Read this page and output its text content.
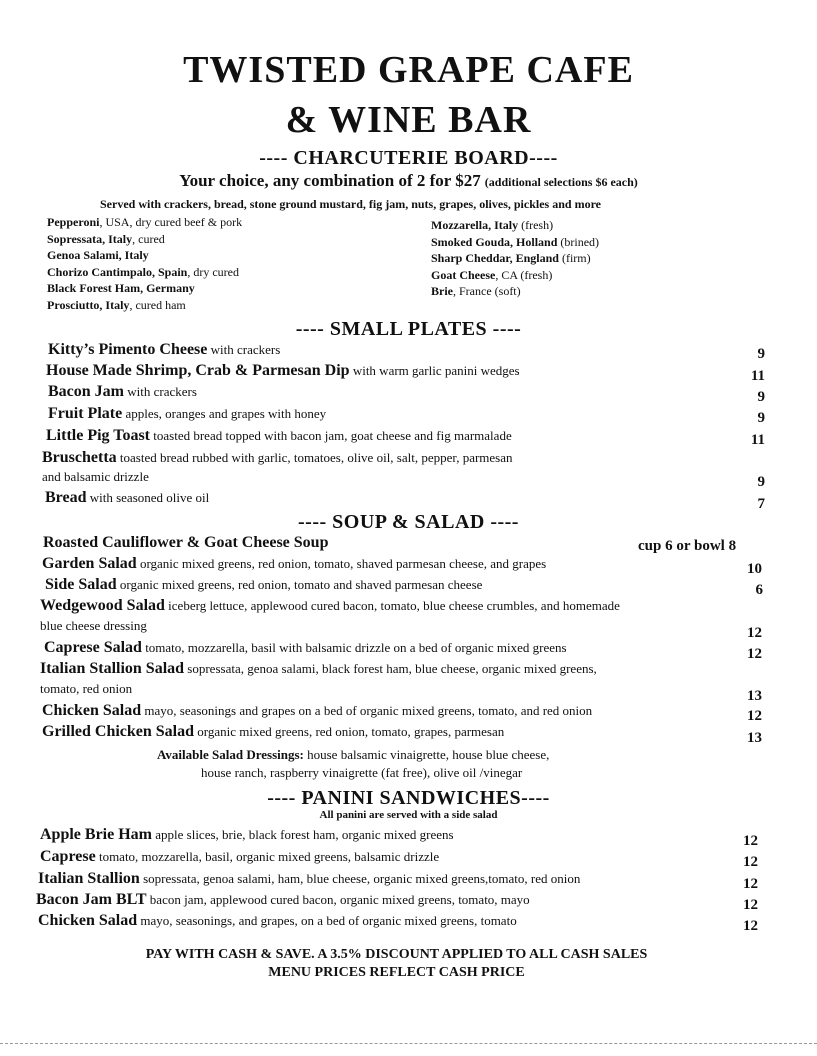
TWISTED GRAPE CAFE
& WINE BAR
---- CHARCUTERIE BOARD----
Your choice, any combination of 2 for $27 (additional selections $6 each)
Served with crackers, bread, stone ground mustard, fig jam, nuts, grapes, olives, pickles and more
Pepperoni, USA, dry cured beef & pork
Sopressata, Italy, cured
Genoa Salami, Italy
Chorizo Cantimpalo, Spain, dry cured
Black Forest Ham, Germany
Prosciutto, Italy, cured ham
Mozzarella, Italy (fresh)
Smoked Gouda, Holland (brined)
Sharp Cheddar, England (firm)
Goat Cheese, CA (fresh)
Brie, France (soft)
---- SMALL PLATES ----
Kitty’s Pimento Cheese with crackers	9
House Made Shrimp, Crab & Parmesan Dip with warm garlic panini wedges	11
Bacon Jam with crackers	9
Fruit Plate apples, oranges and grapes with honey	9
Little Pig Toast toasted bread topped with bacon jam, goat cheese and fig marmalade	11
Bruschetta toasted bread rubbed with garlic, tomatoes, olive oil, salt, pepper, parmesan
and balsamic drizzle	9
Bread with seasoned olive oil	7
---- SOUP & SALAD ----
Roasted Cauliflower & Goat Cheese Soup	cup 6 or bowl 8
Garden Salad organic mixed greens, red onion, tomato, shaved parmesan cheese, and grapes	10
Side Salad organic mixed greens, red onion, tomato and shaved parmesan cheese	6
Wedgewood Salad iceberg lettuce, applewood cured bacon, tomato, blue cheese crumbles, and homemade
blue cheese dressing	12
Caprese Salad tomato, mozzarella, basil with balsamic drizzle on a bed of organic mixed greens	12
Italian Stallion Salad sopressata, genoa salami, black forest ham, blue cheese, organic mixed greens,
tomato, red onion	13
Chicken Salad mayo, seasonings and grapes on a bed of organic mixed greens, tomato, and red onion	12
Grilled Chicken Salad organic mixed greens, red onion, tomato, grapes, parmesan	13
Available Salad Dressings: house balsamic vinaigrette, house blue cheese,
house ranch, raspberry vinaigrette (fat free), olive oil /vinegar
---- PANINI SANDWICHES----
All panini are served with a side salad
Apple Brie Ham apple slices, brie, black forest ham, organic mixed greens	12
Caprese tomato, mozzarella, basil, organic mixed greens, balsamic drizzle	12
Italian Stallion sopressata, genoa salami, ham, blue cheese, organic mixed greens,tomato, red onion	12
Bacon Jam BLT bacon jam, applewood cured bacon, organic mixed greens, tomato, mayo	12
Chicken Salad mayo, seasonings, and grapes, on a bed of organic mixed greens, tomato	12
PAY WITH CASH & SAVE. A 3.5% DISCOUNT APPLIED TO ALL CASH SALES
MENU PRICES REFLECT CASH PRICE
